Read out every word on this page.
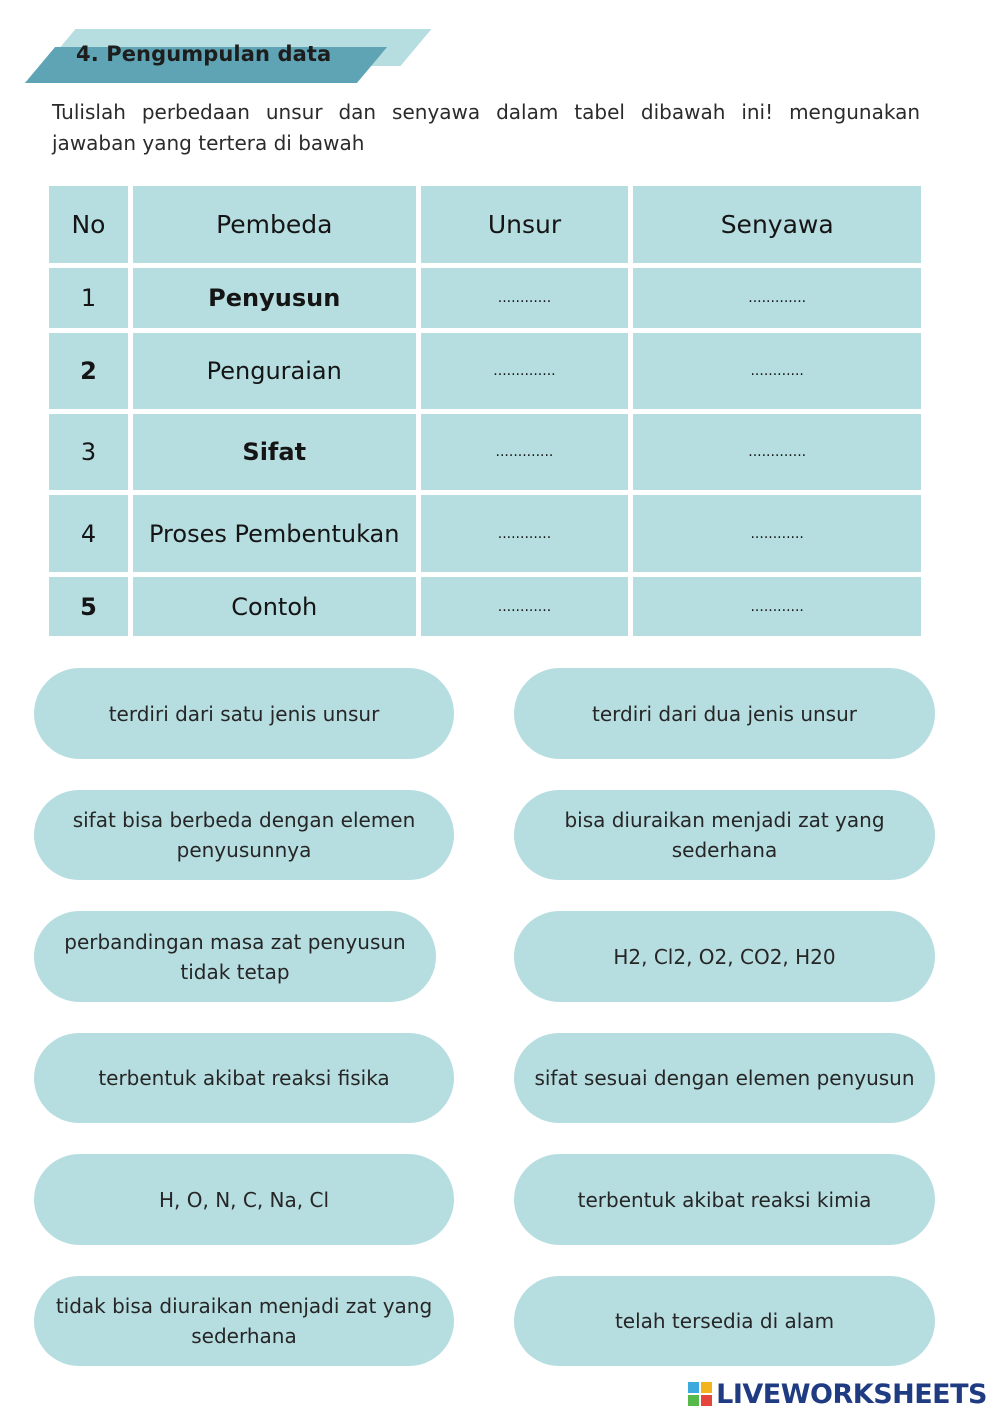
4. Pengumpulan data
Tulislah perbedaan unsur dan senyawa dalam tabel dibawah ini! mengunakan jawaban yang tertera di bawah
No	Pembeda	Unsur	Senyawa
1	Penyusun	............	.............
2	Penguraian	..............	............
3	Sifat	.............	.............
4	Proses Pembentukan	............	............
5	Contoh	............	............
terdiri dari satu jenis unsur	terdiri dari dua jenis unsur
sifat bisa berbeda dengan elemen penyusunnya
bisa diuraikan menjadi zat yang sederhana
perbandingan masa zat penyusun tidak tetap
H2, Cl2, O2, CO2, H20
terbentuk akibat reaksi fisika	sifat sesuai dengan elemen penyusun
H, O, N, C, Na, Cl	terbentuk akibat reaksi kimia
tidak bisa diuraikan menjadi zat yang sederhana
telah tersedia di alam
LIVEWORKSHEETS
